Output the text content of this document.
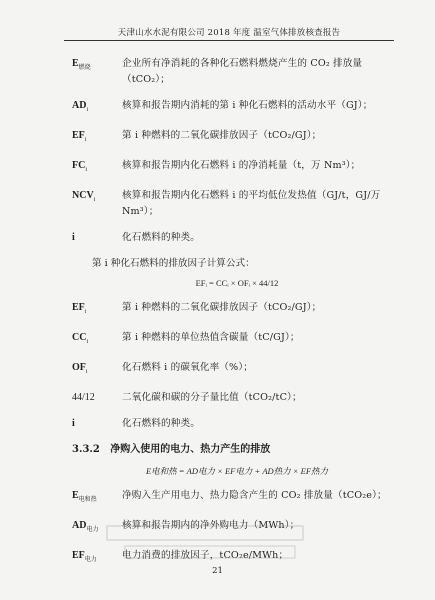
天津山水水泥有限公司 2018 年度 温室气体排放核查报告
$E_{燃烧}$	企业所有净消耗的各种化石燃料燃烧产生的 CO₂ 排放量（tCO₂）；
$AD_i$	核算和报告期内消耗的第 i 种化石燃料的活动水平（GJ）；
$EF_i$	第 i 种燃料的二氧化碳排放因子（tCO₂/GJ）；
$FC_i$	核算和报告期内化石燃料 i 的净消耗量（t，万 Nm³）；
$NCV_i$	核算和报告期内化石燃料 i 的平均低位发热值（GJ/t，GJ/万 Nm³）；
i	化石燃料的种类。
第 i 种化石燃料的排放因子计算公式：
EFᵢ = CCᵢ × OFᵢ × 44/12
$EF_i$	第 i 种燃料的二氧化碳排放因子（tCO₂/GJ）；
$CC_i$	第 i 种燃料的单位热值含碳量（tC/GJ）；
$OF_i$	化石燃料 i 的碳氧化率（%）；
44/12	二氧化碳和碳的分子量比值（tCO₂/tC）；
i	化石燃料的种类。
3.3.2 净购入使用的电力、热力产生的排放
E电和热 = AD电力 × EF电力 + AD热力 × EF热力
$E_{电和热}$	净购入生产用电力、热力隐含产生的 CO₂ 排放量（tCO₂e）；
$AD_{电力}$	核算和报告期内的净外购电力（MWh）；
$EF_{电力}$	电力消费的排放因子，tCO₂e/MWh；
21
